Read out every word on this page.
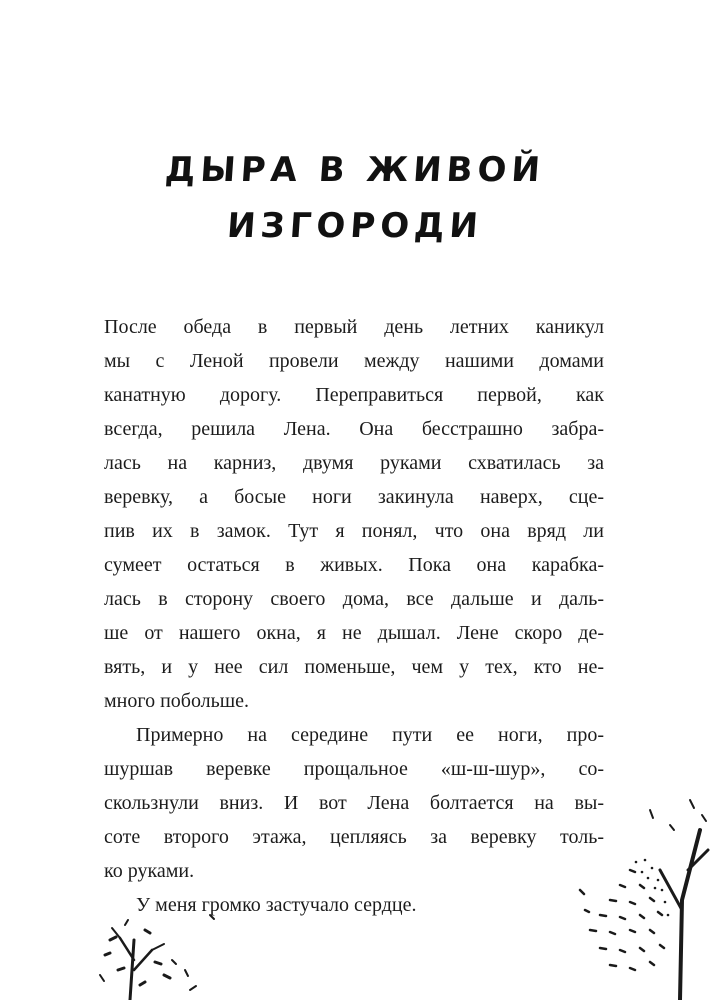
ДЫРА В ЖИВОЙ
ИЗГОРОДИ

После обеда в первый день летних каникул
мы с Леной провели между нашими домами
канатную дорогу. Переправиться первой, как
всегда, решила Лена. Она бесстрашно забра-
лась на карниз, двумя руками схватилась за
веревку, а босые ноги закинула наверх, сце-
пив их в замок. Тут я понял, что она вряд ли
сумеет остаться в живых. Пока она карабка-
лась в сторону своего дома, все дальше и даль-
ше от нашего окна, я не дышал. Лене скоро де-
вять, и у нее сил поменьше, чем у тех, кто не-
много побольше.

Примерно на середине пути ее ноги, про-
шуршав веревке прощальное «ш-ш-шур», со-
скользнули вниз. И вот Лена болтается на вы-
соте второго этажа, цепляясь за веревку толь-
ко руками.

У меня громко застучало сердце.
